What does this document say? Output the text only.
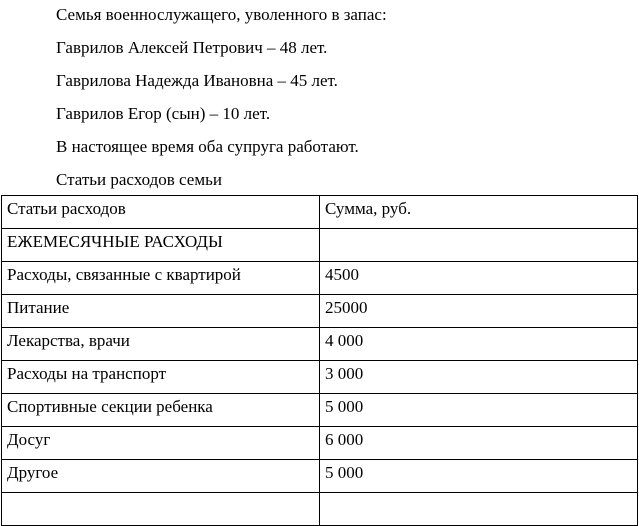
Семья военнослужащего, уволенного в запас:

Гаврилов Алексей Петрович – 48 лет.

Гаврилова Надежда Ивановна – 45 лет.

Гаврилов Егор (сын) – 10 лет.

В настоящее время оба супруга работают.

Статьи расходов семьи

Статьи расходов	Сумма, руб.
ЕЖЕМЕСЯЧНЫЕ РАСХОДЫ	
Расходы, связанные с квартирой	4500
Питание	25000
Лекарства, врачи	4 000
Расходы на транспорт	3 000
Спортивные секции ребенка	5 000
Досуг	6 000
Другое	5 000
